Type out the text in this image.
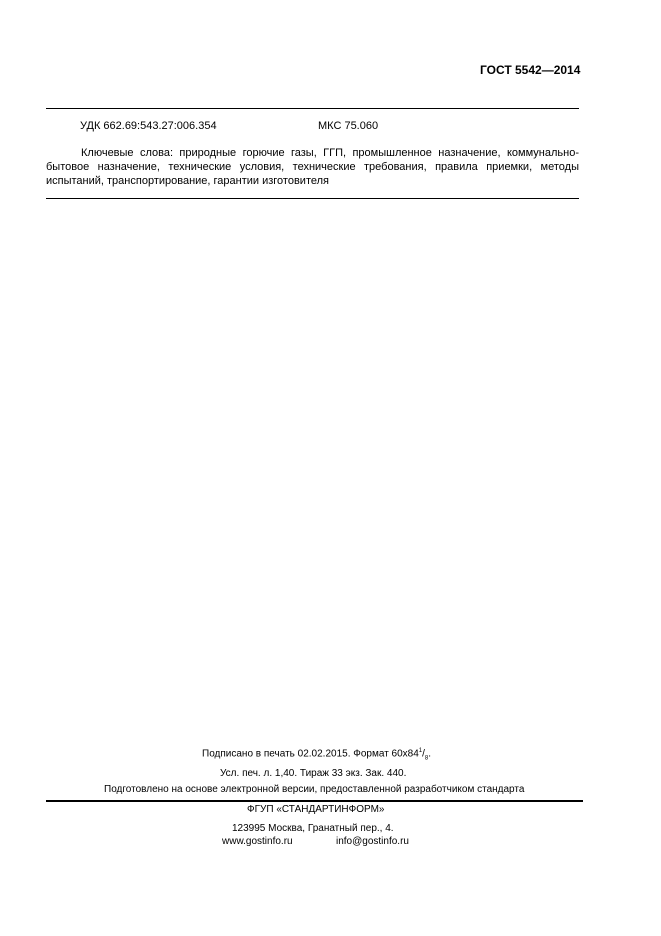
ГОСТ 5542—2014
УДК 662.69:543.27:006.354	МКС 75.060
Ключевые слова: природные горючие газы, ГГП, промышленное назначение, коммунально-бытовое назначение, технические условия, технические требования, правила приемки, методы испытаний, транспортирование, гарантии изготовителя
Подписано в печать 02.02.2015. Формат $60x84^1/_8$.
Усл. печ. л. 1,40. Тираж 33 экз. Зак. 440.
Подготовлено на основе электронной версии, предоставленной разработчиком стандарта
ФГУП «СТАНДАРТИНФОРМ»
123995 Москва, Гранатный пер., 4.
www.gostinfo.ru	info@gostinfo.ru
